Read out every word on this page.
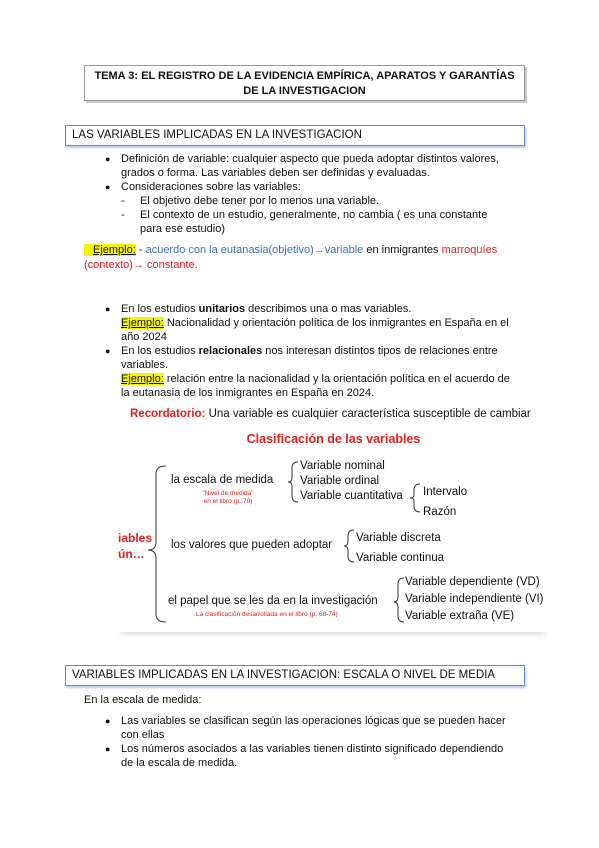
TEMA 3: EL REGISTRO DE LA EVIDENCIA EMPÍRICA, APARATOS Y GARANTÍAS
DE LA INVESTIGACION
LAS VARIABLES IMPLICADAS EN LA INVESTIGACION
● Definición de variable: cualquier aspecto que pueda adoptar distintos valores,
grados o forma. Las variables deben ser definidas y evaluadas.
● Consideraciones sobre las variables:
- El objetivo debe tener por lo menos una variable.
- El contexto de un estudio, generalmente, no cambia ( es una constante
para ese estudio)
Ejemplo: - acuerdo con la eutanasia(objetivo)→variable en inmigrantes marroquíes
(contexto)→ constante.
● En los estudios unitarios describimos una o mas variables.
Ejemplo: Nacionalidad y orientación política de los inmigrantes en España en el
año 2024
● En los estudios relacionales nos interesan distintos tipos de relaciones entre
variables.
Ejemplo: relación entre la nacionalidad y la orientación política en el acuerdo de
la eutanasia de los inmigrantes en España en 2024.
Recordatorio: Una variable es cualquier característica susceptible de cambiar
Clasificación de las variables
iables
ún…
la escala de medida
"Nivel de medida"
en el libro (p. 70)
Variable nominal
Variable ordinal
Variable cuantitativa Intervalo
Razón
los valores que pueden adoptar
Variable discreta
Variable continua
el papel que se les da en la investigación
La clasificación desarrollada en el libro (p. 68-74)
Variable dependiente (VD)
Variable independiente (VI)
Variable extraña (VE)
VARIABLES IMPLICADAS EN LA INVESTIGACION: ESCALA O NIVEL DE MEDIA
En la escala de medida:
● Las variables se clasifican según las operaciones lógicas que se pueden hacer
con ellas
● Los números asociados a las variables tienen distinto significado dependiendo
de la escala de medida.
